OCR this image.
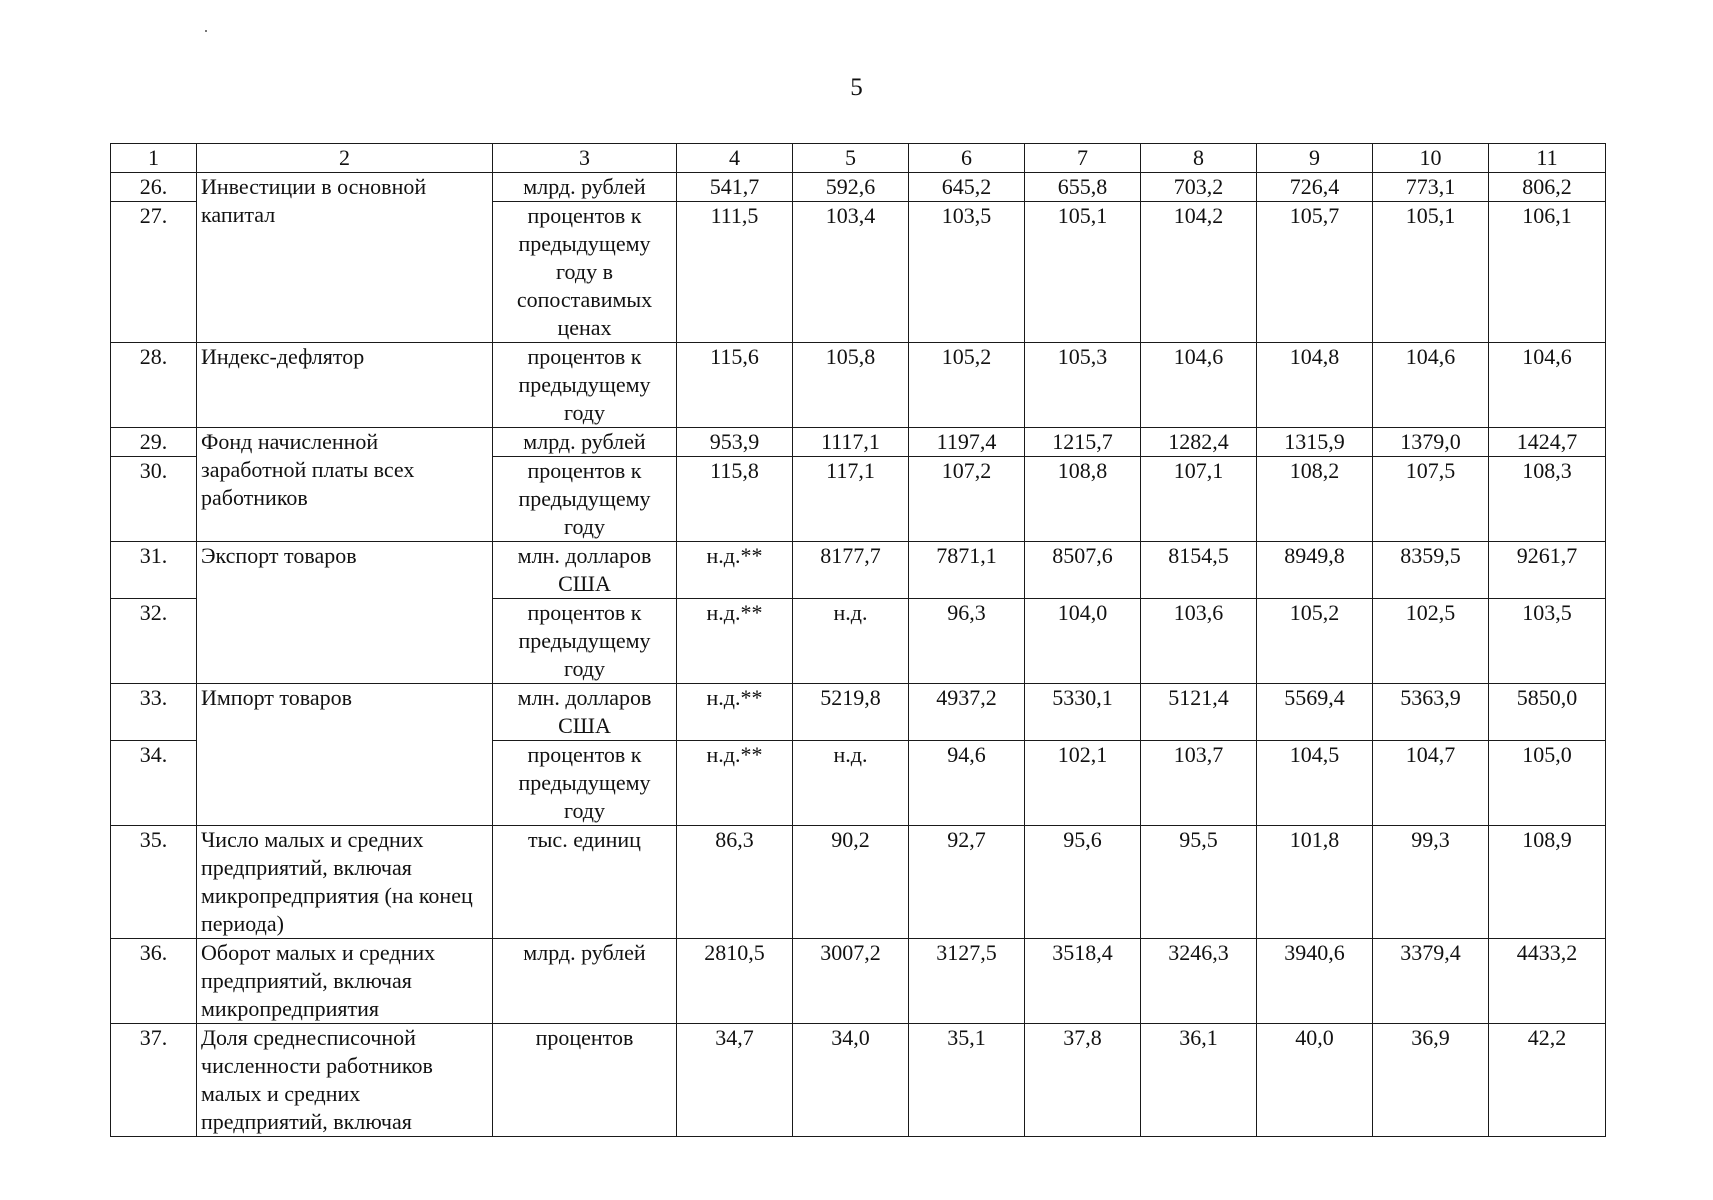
5
1	2	3	4	5	6	7	8	9	10	11
26.	Инвестиции в основной капитал	млрд. рублей	541,7	592,6	645,2	655,8	703,2	726,4	773,1	806,2
27.		процентов к предыдущему году в сопоставимых ценах	111,5	103,4	103,5	105,1	104,2	105,7	105,1	106,1
28.	Индекс-дефлятор	процентов к предыдущему году	115,6	105,8	105,2	105,3	104,6	104,8	104,6	104,6
29.	Фонд начисленной заработной платы всех работников	млрд. рублей	953,9	1117,1	1197,4	1215,7	1282,4	1315,9	1379,0	1424,7
30.		процентов к предыдущему году	115,8	117,1	107,2	108,8	107,1	108,2	107,5	108,3
31.	Экспорт товаров	млн. долларов США	н.д.**	8177,7	7871,1	8507,6	8154,5	8949,8	8359,5	9261,7
32.		процентов к предыдущему году	н.д.**	н.д.	96,3	104,0	103,6	105,2	102,5	103,5
33.	Импорт товаров	млн. долларов США	н.д.**	5219,8	4937,2	5330,1	5121,4	5569,4	5363,9	5850,0
34.		процентов к предыдущему году	н.д.**	н.д.	94,6	102,1	103,7	104,5	104,7	105,0
35.	Число малых и средних предприятий, включая микропредприятия (на конец периода)	тыс. единиц	86,3	90,2	92,7	95,6	95,5	101,8	99,3	108,9
36.	Оборот малых и средних предприятий, включая микропредприятия	млрд. рублей	2810,5	3007,2	3127,5	3518,4	3246,3	3940,6	3379,4	4433,2
37.	Доля среднесписочной численности работников малых и средних предприятий, включая	процентов	34,7	34,0	35,1	37,8	36,1	40,0	36,9	42,2
